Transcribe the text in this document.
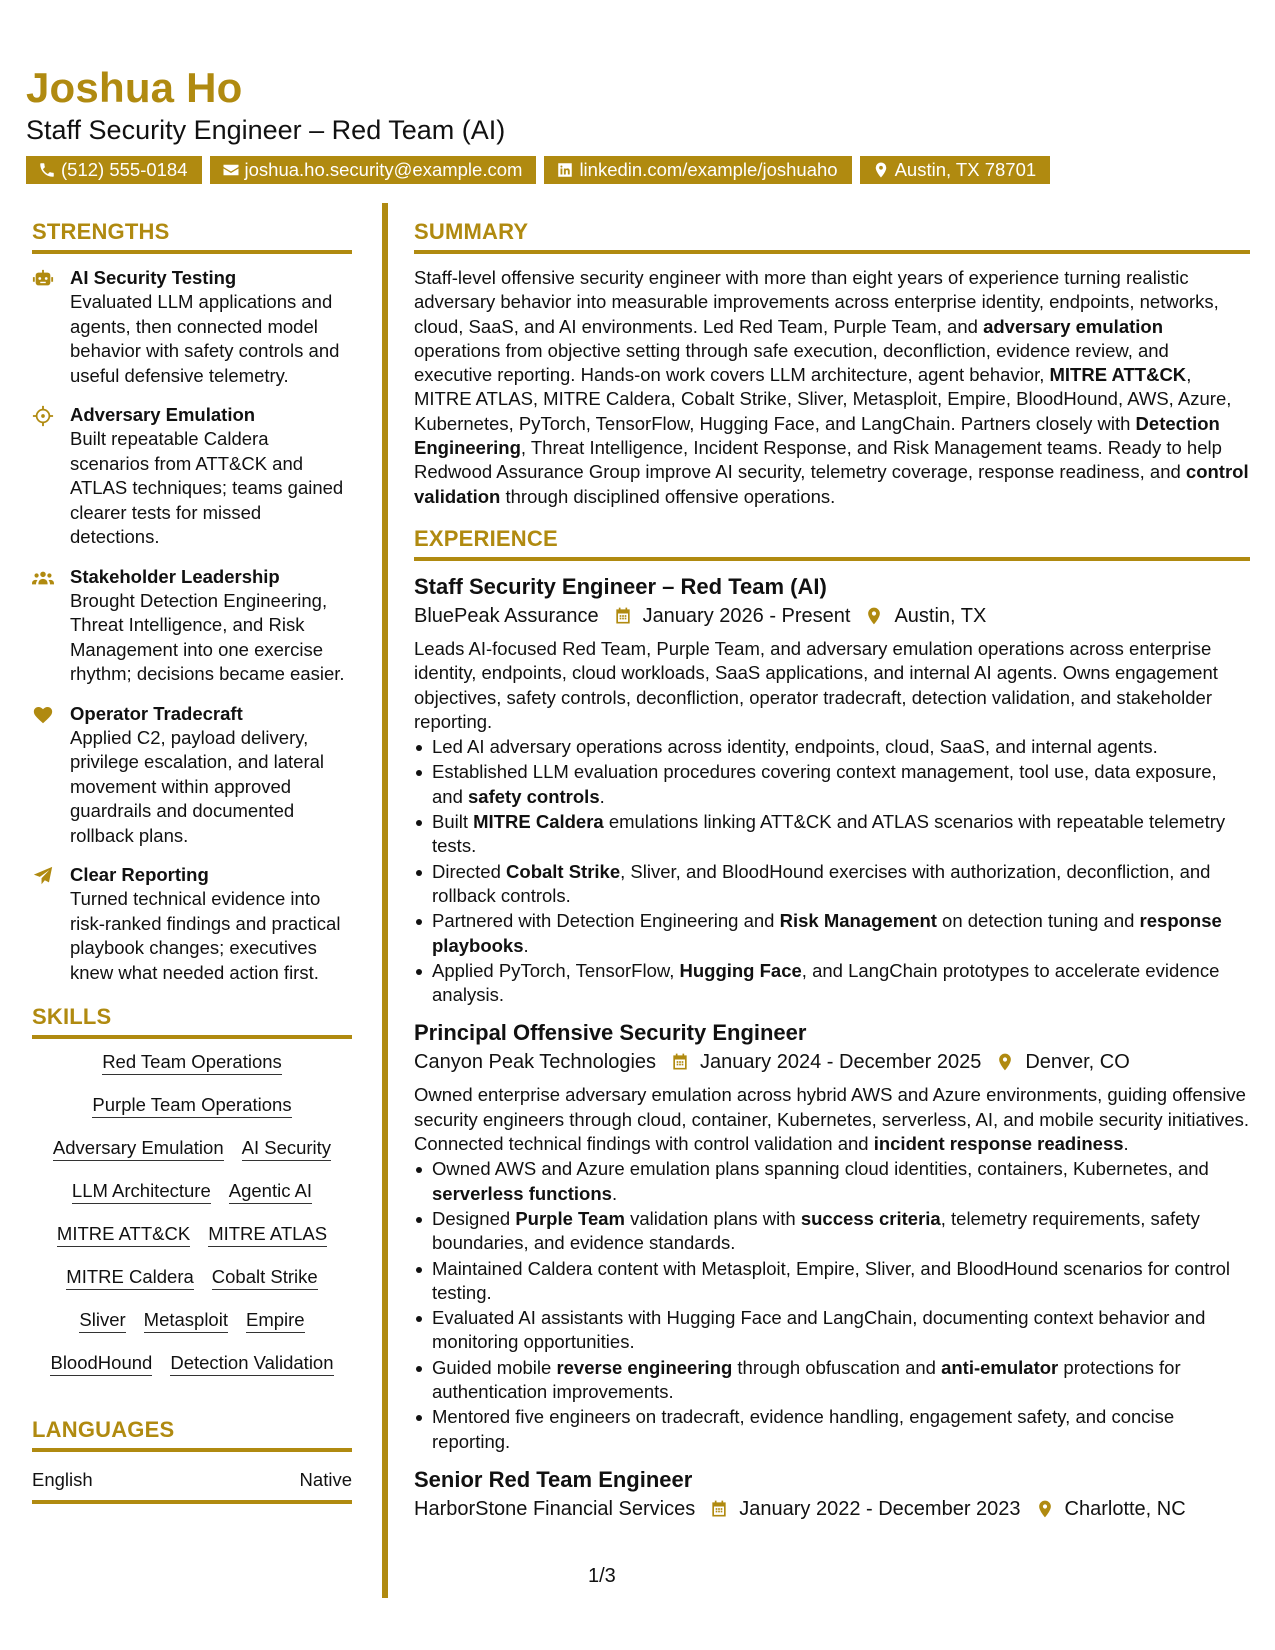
Joshua Ho
Staff Security Engineer – Red Team (AI)
(512) 555-0184	joshua.ho.security@example.com	linkedin.com/example/joshuaho	Austin, TX 78701
STRENGTHS
AI Security Testing
Evaluated LLM applications and agents, then connected model behavior with safety controls and useful defensive telemetry.
Adversary Emulation
Built repeatable Caldera scenarios from ATT&CK and ATLAS techniques; teams gained clearer tests for missed detections.
Stakeholder Leadership
Brought Detection Engineering, Threat Intelligence, and Risk Management into one exercise rhythm; decisions became easier.
Operator Tradecraft
Applied C2, payload delivery, privilege escalation, and lateral movement within approved guardrails and documented rollback plans.
Clear Reporting
Turned technical evidence into risk-ranked findings and practical playbook changes; executives knew what needed action first.
SKILLS
Red Team Operations
Purple Team Operations
Adversary Emulation AI Security
LLM Architecture Agentic AI
MITRE ATT&CK MITRE ATLAS
MITRE Caldera Cobalt Strike
Sliver Metasploit Empire
BloodHound Detection Validation
LANGUAGES
English	Native
SUMMARY
Staff-level offensive security engineer with more than eight years of experience turning realistic adversary behavior into measurable improvements across enterprise identity, endpoints, networks, cloud, SaaS, and AI environments. Led Red Team, Purple Team, and adversary emulation operations from objective setting through safe execution, deconfliction, evidence review, and executive reporting. Hands-on work covers LLM architecture, agent behavior, MITRE ATT&CK, MITRE ATLAS, MITRE Caldera, Cobalt Strike, Sliver, Metasploit, Empire, BloodHound, AWS, Azure, Kubernetes, PyTorch, TensorFlow, Hugging Face, and LangChain. Partners closely with Detection Engineering, Threat Intelligence, Incident Response, and Risk Management teams. Ready to help Redwood Assurance Group improve AI security, telemetry coverage, response readiness, and control validation through disciplined offensive operations.
EXPERIENCE
Staff Security Engineer – Red Team (AI)
BluePeak Assurance January 2026 - Present Austin, TX
Leads AI-focused Red Team, Purple Team, and adversary emulation operations across enterprise identity, endpoints, cloud workloads, SaaS applications, and internal AI agents. Owns engagement objectives, safety controls, deconfliction, operator tradecraft, detection validation, and stakeholder reporting.
Led AI adversary operations across identity, endpoints, cloud, SaaS, and internal agents.
Established LLM evaluation procedures covering context management, tool use, data exposure, and safety controls.
Built MITRE Caldera emulations linking ATT&CK and ATLAS scenarios with repeatable telemetry tests.
Directed Cobalt Strike, Sliver, and BloodHound exercises with authorization, deconfliction, and rollback controls.
Partnered with Detection Engineering and Risk Management on detection tuning and response playbooks.
Applied PyTorch, TensorFlow, Hugging Face, and LangChain prototypes to accelerate evidence analysis.
Principal Offensive Security Engineer
Canyon Peak Technologies January 2024 - December 2025 Denver, CO
Owned enterprise adversary emulation across hybrid AWS and Azure environments, guiding offensive security engineers through cloud, container, Kubernetes, serverless, AI, and mobile security initiatives. Connected technical findings with control validation and incident response readiness.
Owned AWS and Azure emulation plans spanning cloud identities, containers, Kubernetes, and serverless functions.
Designed Purple Team validation plans with success criteria, telemetry requirements, safety boundaries, and evidence standards.
Maintained Caldera content with Metasploit, Empire, Sliver, and BloodHound scenarios for control testing.
Evaluated AI assistants with Hugging Face and LangChain, documenting context behavior and monitoring opportunities.
Guided mobile reverse engineering through obfuscation and anti-emulator protections for authentication improvements.
Mentored five engineers on tradecraft, evidence handling, engagement safety, and concise reporting.
Senior Red Team Engineer
HarborStone Financial Services January 2022 - December 2023 Charlotte, NC
1/3
